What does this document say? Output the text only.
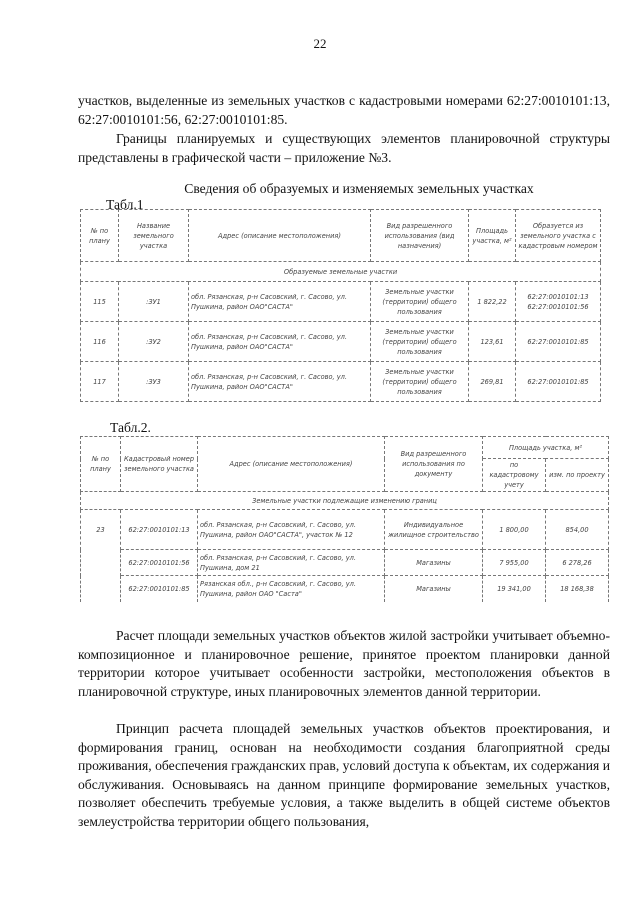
22

участков, выделенные из земельных участков с кадастровыми номерами 62:27:0010101:13, 62:27:0010101:56, 62:27:0010101:85.

Границы планируемых и существующих элементов планировочной структуры представлены в графической части – приложение №3.

Сведения об образуемых и изменяемых земельных участках
Табл.1
№ по плану	Название земельного участка	Адрес (описание местоположения)	Вид разрешенного использования (вид назначения)	Площадь участка, м²	Образуется из земельного участка с кадастровым номером
Образуемые земельные участки					
115	:ЗУ1	обл. Рязанская, р-н Сасовский, г. Сасово, ул. Пушкина, район ОАО"САСТА"	Земельные участки (территории) общего пользования	1 822,22	62:27:0010101:13 62:27:0010101:56
116	:ЗУ2	обл. Рязанская, р-н Сасовский, г. Сасово, ул. Пушкина, район ОАО"САСТА"	Земельные участки (территории) общего пользования	123,61	62:27:0010101:85
117	:ЗУ3	обл. Рязанская, р-н Сасовский, г. Сасово, ул. Пушкина, район ОАО"САСТА"	Земельные участки (территории) общего пользования	269,81	62:27:0010101:85
Табл.2.
№ по плану	Кадастровый номер земельного участка	Адрес (описание местоположения)	Вид разрешенного использования по документу	Площадь участка, м²	
				по кадастровому учету	изм. по проекту
Земельные участки подлежащие изменению границ					
23	62:27:0010101:13	обл. Рязанская, р-н Сасовский, г. Сасово, ул. Пушкина, район ОАО"САСТА", участок № 12	Индивидуальное жилищное строительство	1 800,00	854,00
	62:27:0010101:56	обл. Рязанская, р-н Сасовский, г. Сасово, ул. Пушкина, дом 21	Магазины	7 955,00	6 278,26
	62:27:0010101:85	Рязанская обл., р-н Сасовский, г. Сасово, ул. Пушкина, район ОАО "Саста"	Магазины	19 341,00	18 168,38

Расчет площади земельных участков объектов жилой застройки учитывает объемно-композиционное и планировочное решение, принятое проектом планировки данной территории которое учитывает особенности застройки, местоположения объектов в планировочной структуре, иных планировочных элементов данной территории.

Принцип расчета площадей земельных участков объектов проектирования, и формирования границ, основан на необходимости создания благоприятной среды проживания, обеспечения гражданских прав, условий доступа к объектам, их содержания и обслуживания. Основываясь на данном принципе формирование земельных участков, позволяет обеспечить требуемые условия, а также выделить в общей системе объектов землеустройства территории общего пользования,
